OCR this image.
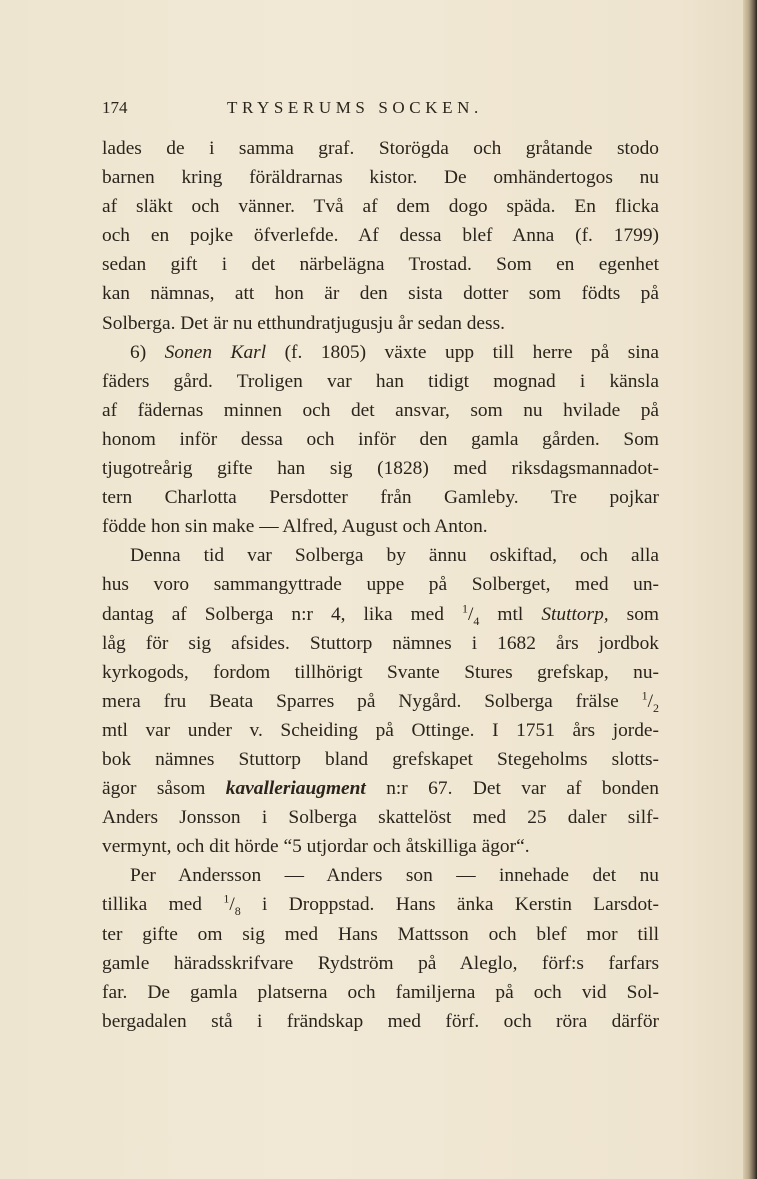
174	TRYSERUMS SOCKEN.
lades de i samma graf. Storögda och gråtande stodo
barnen kring föräldrarnas kistor. De omhändertogos nu
af släkt och vänner. Två af dem dogo späda. En flicka
och en pojke öfverlefde. Af dessa blef Anna (f. 1799)
sedan gift i det närbelägna Trostad. Som en egenhet
kan nämnas, att hon är den sista dotter som födts på
Solberga. Det är nu etthundratjugusju år sedan dess.
6) Sonen Karl (f. 1805) växte upp till herre på sina
fäders gård. Troligen var han tidigt mognad i känsla
af fädernas minnen och det ansvar, som nu hvilade på
honom inför dessa och inför den gamla gården. Som
tjugotreårig gifte han sig (1828) med riksdagsmannadot-
tern Charlotta Persdotter från Gamleby. Tre pojkar
födde hon sin make — Alfred, August och Anton.
Denna tid var Solberga by ännu oskiftad, och alla
hus voro sammangyttrade uppe på Solberget, med un-
dantag af Solberga n:r 4, lika med $^1/_4$ mtl Stuttorp, som
låg för sig afsides. Stuttorp nämnes i 1682 års jordbok
kyrkogods, fordom tillhörigt Svante Stures grefskap, nu-
mera fru Beata Sparres på Nygård. Solberga frälse $^1/_2$
mtl var under v. Scheiding på Ottinge. I 1751 års jorde-
bok nämnes Stuttorp bland grefskapet Stegeholms slotts-
ägor såsom kavalleriaugment n:r 67. Det var af bonden
Anders Jonsson i Solberga skattelöst med 25 daler silf-
vermynt, och dit hörde “5 utjordar och åtskilliga ägor“.
Per Andersson — Anders son — innehade det nu
tillika med $^1/_8$ i Droppstad. Hans änka Kerstin Larsdot-
ter gifte om sig med Hans Mattsson och blef mor till
gamle häradsskrifvare Rydström på Aleglo, förf:s farfars
far. De gamla platserna och familjerna på och vid Sol-
bergadalen stå i frändskap med förf. och röra därför
